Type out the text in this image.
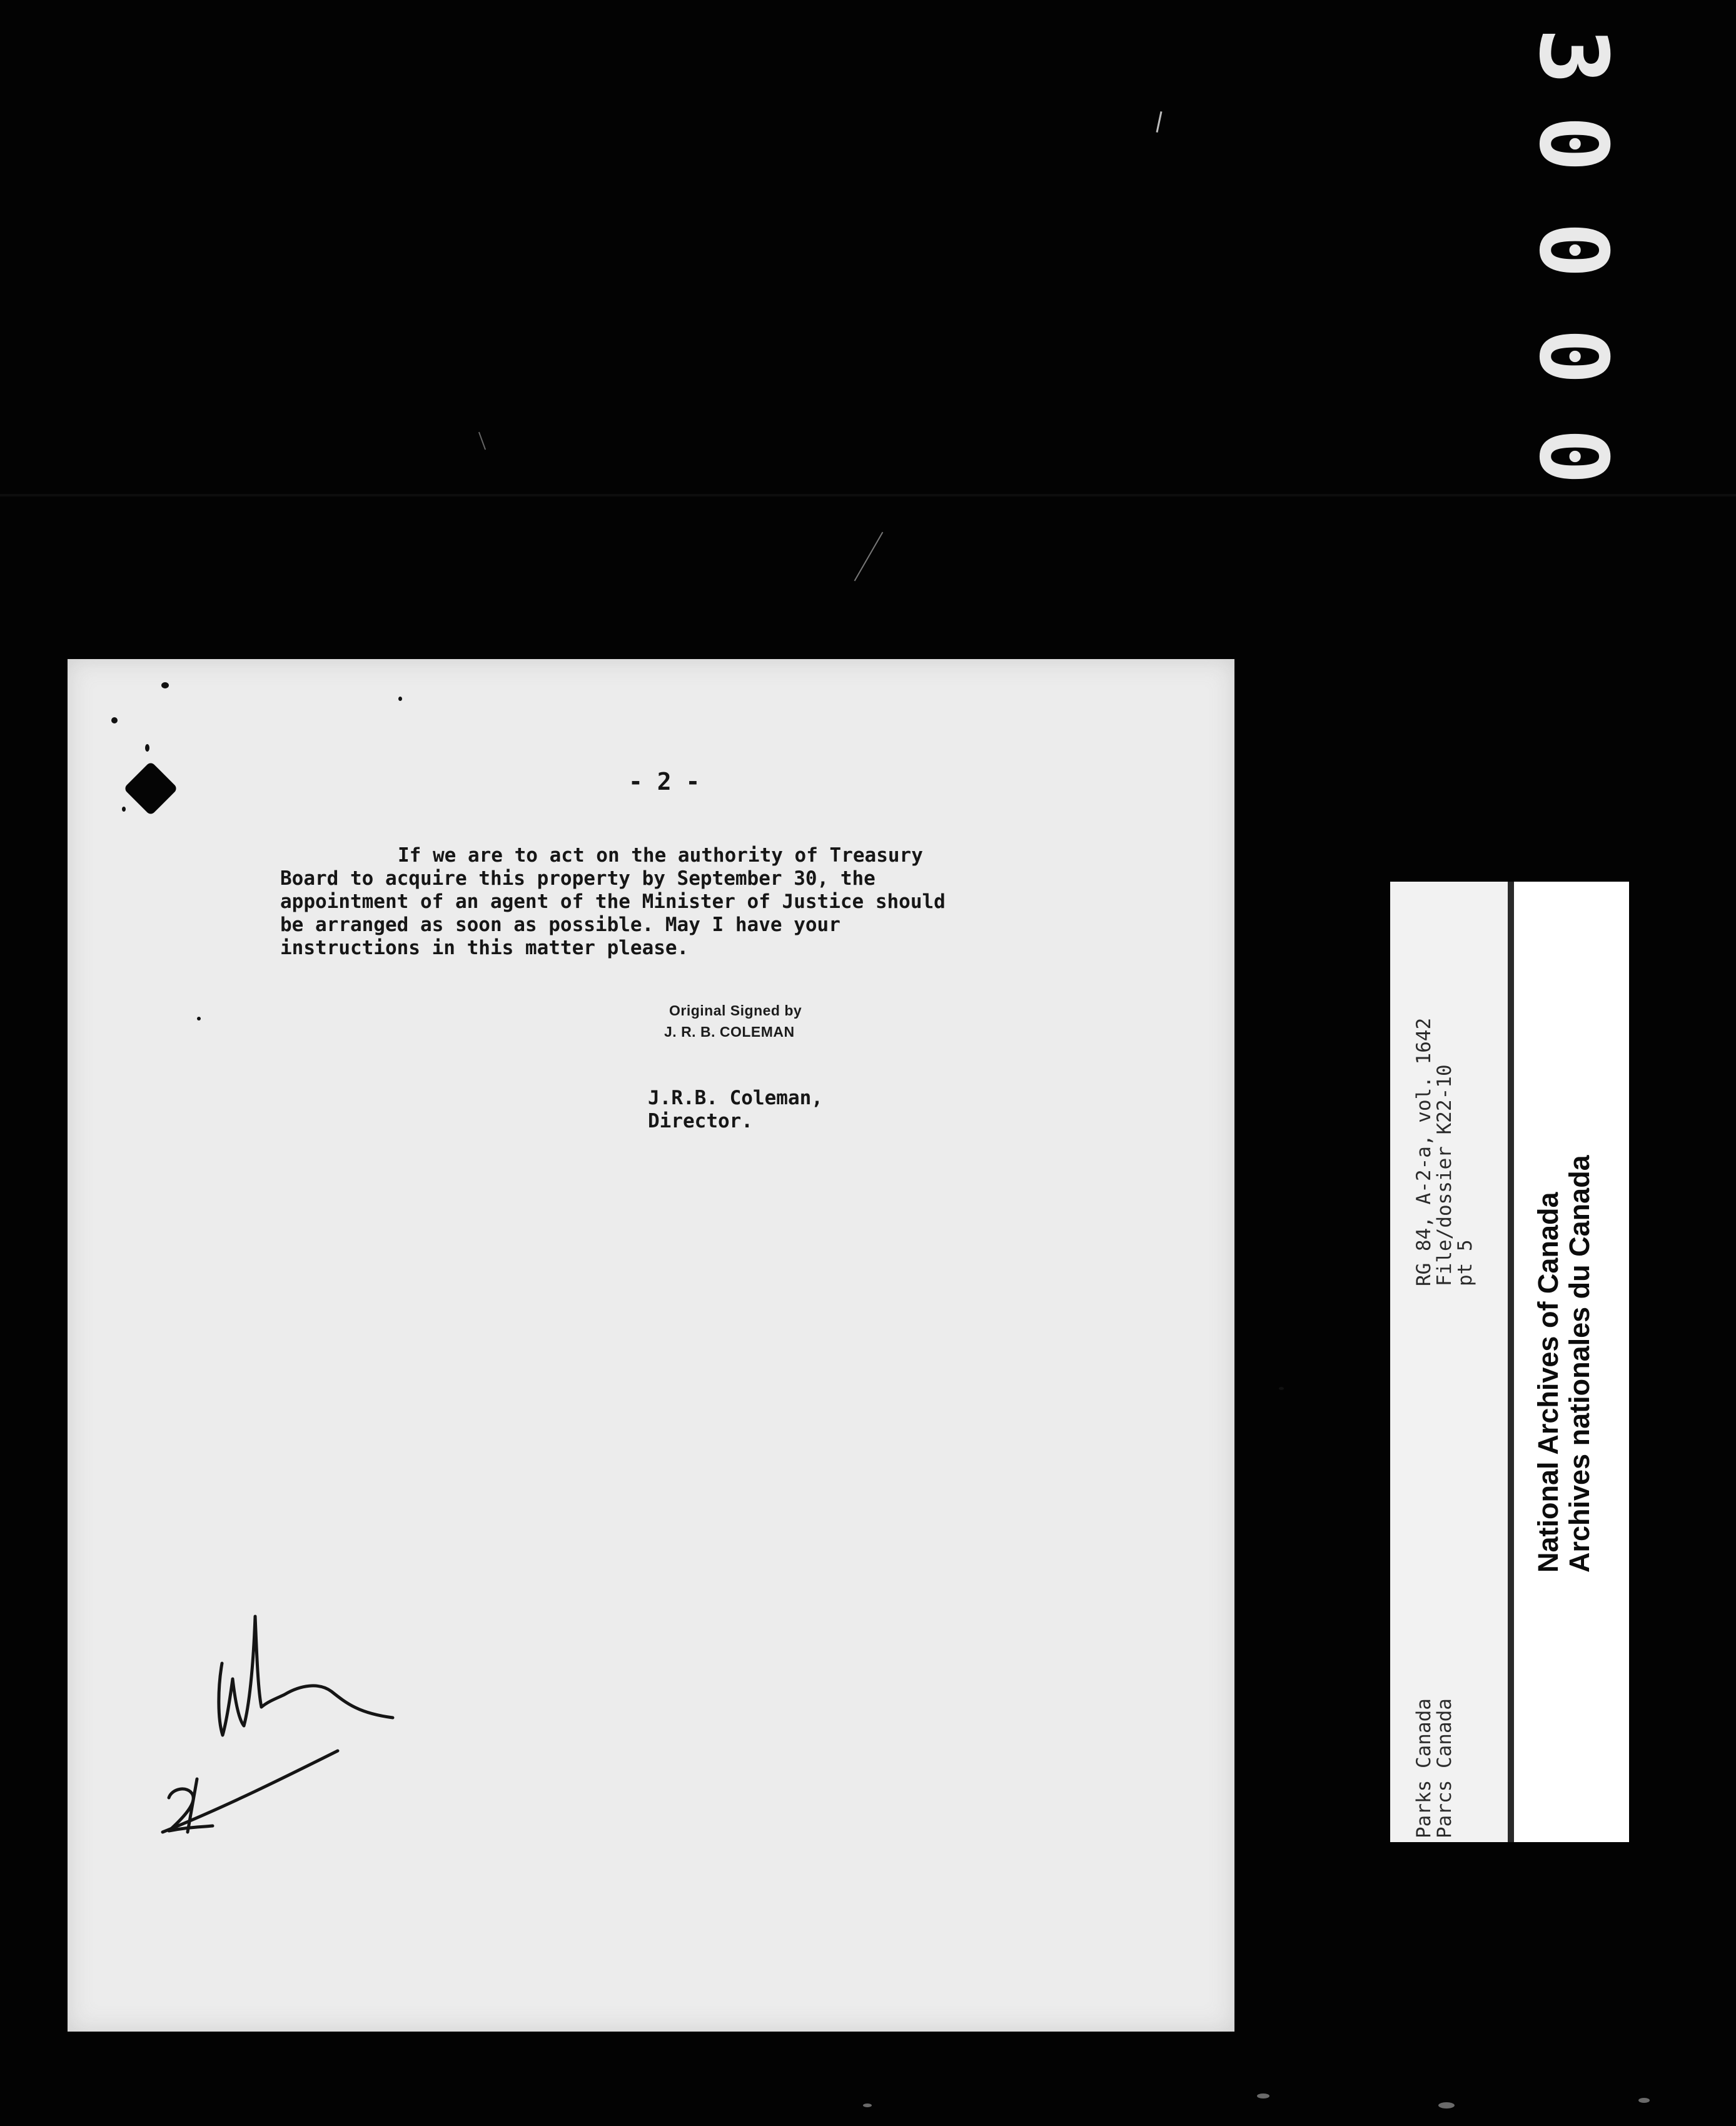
3
0
0
0
0

- 2 -

If we are to act on the authority of Treasury

Board to acquire this property by September 30, the

appointment of an agent of the Minister of Justice should

be arranged as soon as possible. May I have your

instructions in this matter please.

Original Signed by

J. R. B. COLEMAN

J.R.B. Coleman,

Director.

Parks Canada

Parcs Canada

RG 84, A-2-a, vol. 1642

File/dossier K22-10

pt 5 National Archives of Canada Archives nationales du Canada
